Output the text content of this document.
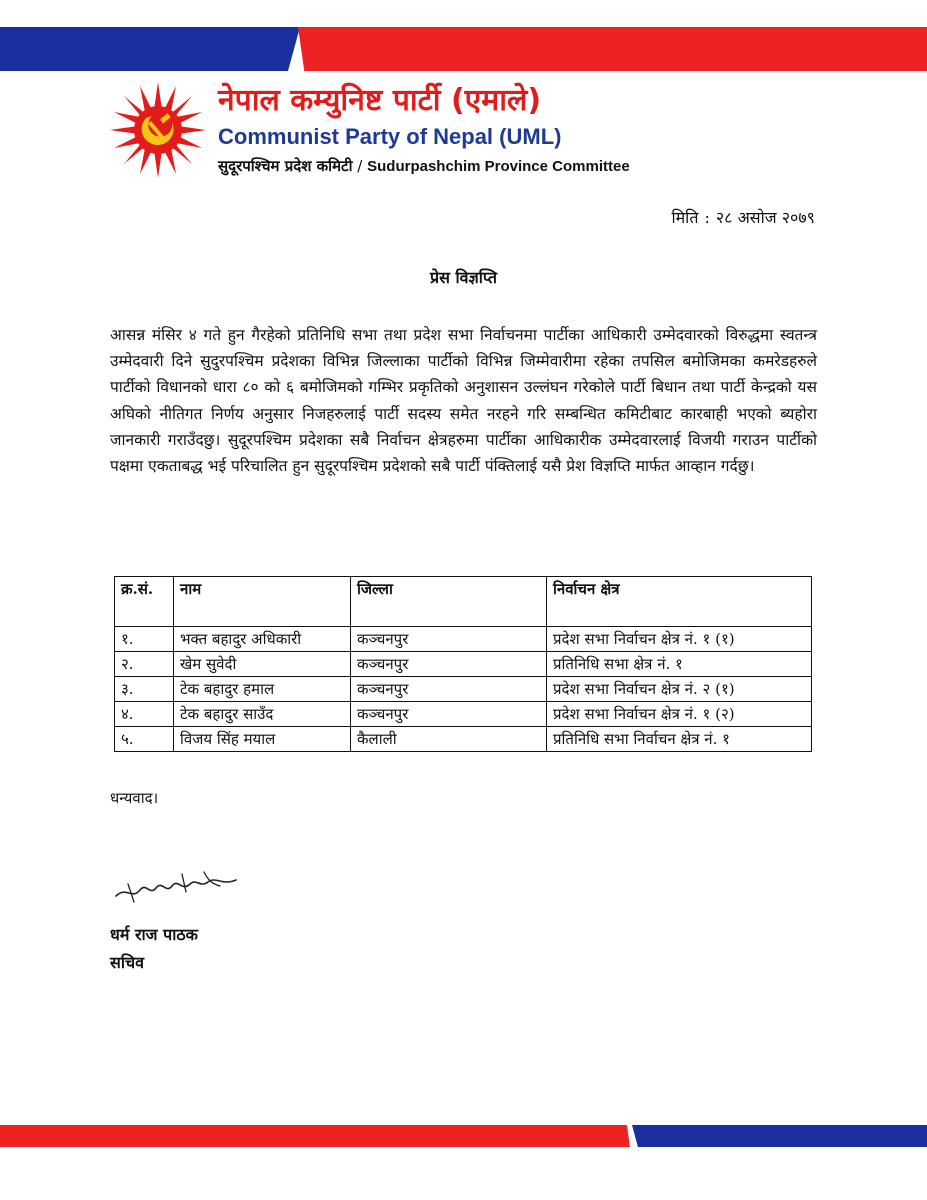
नेपाल कम्युनिष्ट पार्टी (एमाले)
Communist Party of Nepal (UML)
सुदूरपश्चिम प्रदेश कमिटी / Sudurpashchim Province Committee
मिति : २८ असोज २०७९
प्रेस विज्ञप्ति
आसन्न मंसिर ४ गते हुन गैरहेको प्रतिनिधि सभा तथा प्रदेश सभा निर्वाचनमा पार्टीका आधिकारी उम्मेदवारको विरुद्धमा स्वतन्त्र उम्मेदवारी दिने सुदुरपश्चिम प्रदेशका विभिन्न जिल्लाका पार्टीको विभिन्न जिम्मेवारीमा रहेका तपसिल बमोजिमका कमरेडहरुले पार्टीको विधानको धारा ८० को ६ बमोजिमको गम्भिर प्रकृतिको अनुशासन उल्लंघन गरेकोले पार्टी बिधान तथा पार्टी केन्द्रको यस अघिको नीतिगत निर्णय अनुसार निजहरुलाई पार्टी सदस्य समेत नरहने गरि सम्बन्धित कमिटीबाट कारबाही भएको ब्यहोरा जानकारी गराउँदछु। सुदूरपश्चिम प्रदेशका सबै निर्वाचन क्षेत्रहरुमा पार्टीका आधिकारीक उम्मेदवारलाई विजयी गराउन पार्टीको पक्षमा एकताबद्ध भई परिचालित हुन सुदूरपश्चिम प्रदेशको सबै पार्टी पंक्तिलाई यसै प्रेश विज्ञप्ति मार्फत आव्हान गर्दछु।
क्र.सं.	नाम	जिल्ला	निर्वाचन क्षेत्र
१.	भक्त बहादुर अधिकारी	कञ्चनपुर	प्रदेश सभा निर्वाचन क्षेत्र नं. १ (१)
२.	खेम सुवेदी	कञ्चनपुर	प्रतिनिधि सभा क्षेत्र नं. १
३.	टेक बहादुर हमाल	कञ्चनपुर	प्रदेश सभा निर्वाचन क्षेत्र नं. २ (१)
४.	टेक बहादुर साउँद	कञ्चनपुर	प्रदेश सभा निर्वाचन क्षेत्र नं. १ (२)
५.	विजय सिंह मयाल	कैलाली	प्रतिनिधि सभा निर्वाचन क्षेत्र नं. १
धन्यवाद।
धर्म राज पाठक
सचिव
